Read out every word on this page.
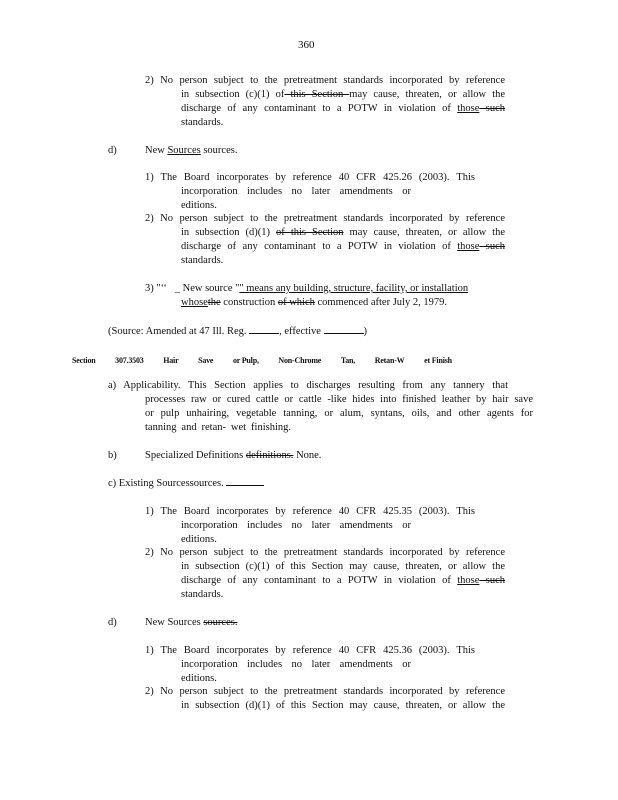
360
2) No person subject to the pretreatment standards incorporated by reference
in subsection (c)(1) of this Section may cause, threaten, or allow the
discharge of any contaminant to a POTW in violation of those such
standards.
d)	New Sources sources.
1) The Board incorporates by reference 40 CFR 425.26 (2003). This
incorporation includes no later amendments or editions.
2) No person subject to the pretreatment standards incorporated by reference
in subsection (d)(1) of this Section may cause, threaten, or allow the
discharge of any contaminant to a POTW in violation of those such
standards.
3) "‘‘ _ New source "" means any building, structure, facility, or installation
whosethe construction of which commenced after July 2, 1979.
(Source: Amended at 47 Ill. Reg.	, effective	)
Section 307.3503 Hair Save or Pulp, Non-Chrome Tan, Retan-W et Finish
a) Applicability. This Section applies to discharges resulting from any tannery that
processes raw or cured cattle or cattle -like hides into finished leather by hair save
or pulp unhairing, vegetable tanning, or alum, syntans, oils, and other agents for
tanning and retan- wet finishing.
b)	Specialized Definitions definitions. None.
c) Existing Sourcessources.
1) The Board incorporates by reference 40 CFR 425.35 (2003). This
incorporation includes no later amendments or editions.
2) No person subject to the pretreatment standards incorporated by reference
in subsection (c)(1) of this Section may cause, threaten, or allow the
discharge of any contaminant to a POTW in violation of those such
standards.
d)	New Sources sources.
1) The Board incorporates by reference 40 CFR 425.36 (2003). This
incorporation includes no later amendments or editions.
2) No person subject to the pretreatment standards incorporated by reference
in subsection (d)(1) of this Section may cause, threaten, or allow the
